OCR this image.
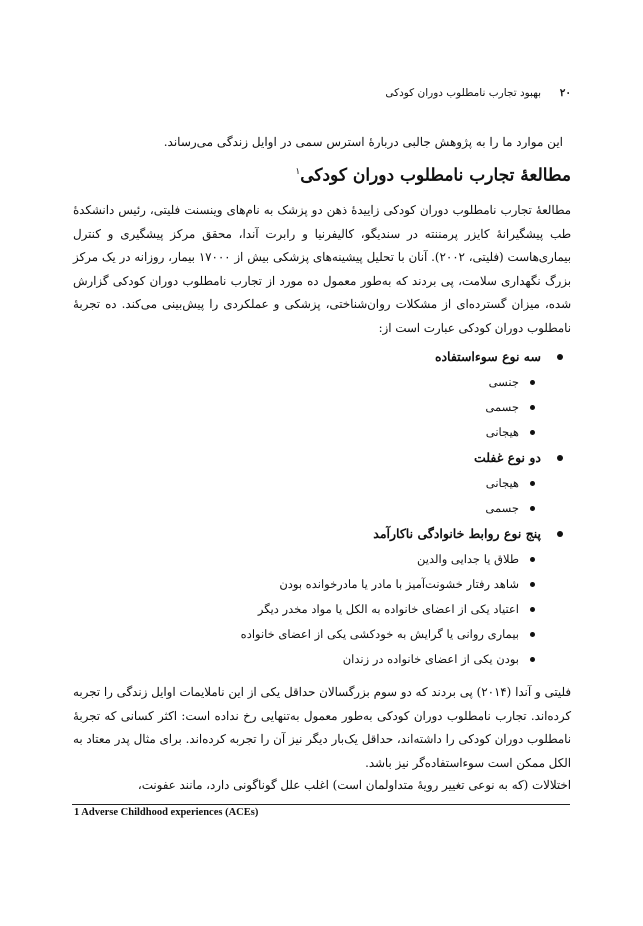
۲۰
بهبود تجارب نامطلوب دوران کودکی

این موارد ما را به پژوهش جالبی دربارهٔ استرس سمی در اوایل زندگی می‌رساند.

مطالعهٔ تجارب نامطلوب دوران کودکی$^۱$

مطالعهٔ تجارب نامطلوب دوران کودکی زاییدهٔ ذهن دو پزشک به نام‌های وینسنت فلیتی، رئیس دانشکدهٔ طب پیشگیرانهٔ کایزر پرمننته در سندیگو، کالیفرنیا و رابرت آندا، محقق مرکز پیشگیری و کنترل بیماری‌هاست (فلیتی، ۲۰۰۲). آنان با تحلیل پیشینه‌های پزشکی بیش از ۱۷۰۰۰ بیمار، روزانه در یک مرکز بزرگ نگهداری سلامت، پی بردند که به‌طور معمول ده مورد از تجارب نامطلوب دوران کودکی گزارش شده، میزان گسترده‌ای از مشکلات روان‌شناختی، پزشکی و عملکردی را پیش‌بینی می‌کند. ده تجربهٔ نامطلوب دوران کودکی عبارت است از:

سه نوع سوءاستفاده
جنسی
جسمی
هیجانی
دو نوع غفلت
هیجانی
جسمی
پنج نوع روابط خانوادگی ناکارآمد
طلاق یا جدایی والدین
شاهد رفتار خشونت‌آمیز با مادر یا مادرخوانده بودن
اعتیاد یکی از اعضای خانواده به الکل یا مواد مخدر دیگر
بیماری روانی یا گرایش به خودکشی یکی از اعضای خانواده
بودن یکی از اعضای خانواده در زندان

فلیتی و آندا (۲۰۱۴) پی بردند که دو سوم بزرگسالان حداقل یکی از این ناملایمات اوایل زندگی را تجربه کرده‌اند. تجارب نامطلوب دوران کودکی به‌طور معمول به‌تنهایی رخ نداده است: اکثر کسانی که تجربهٔ نامطلوب دوران کودکی را داشته‌اند، حداقل یک‌بار دیگر نیز آن را تجربه کرده‌اند. برای مثال پدر معتاد به الکل ممکن است سوءاستفاده‌گر نیز باشد.

اختلالات (که به نوعی تغییر رویهٔ متداولمان است) اغلب علل گوناگونی دارد، مانند عفونت،

1 Adverse Childhood experiences (ACEs)
